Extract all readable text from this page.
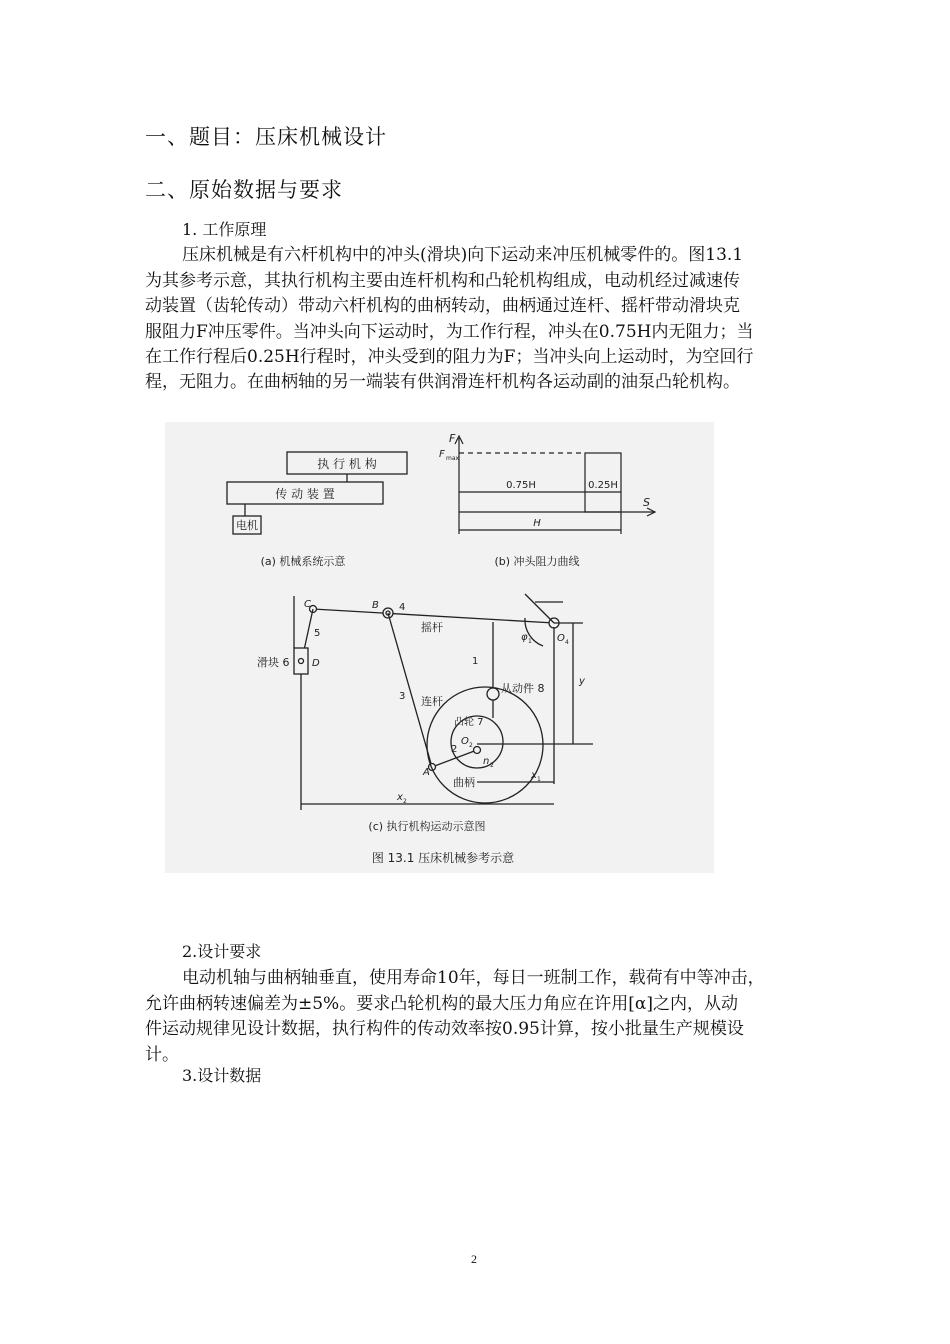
一、题目：压床机械设计
二、原始数据与要求
1. 工作原理
压床机械是有六杆机构中的冲头(滑块)向下运动来冲压机械零件的。图13.1
为其参考示意，其执行机构主要由连杆机构和凸轮机构组成，电动机经过减速传
动装置（齿轮传动）带动六杆机构的曲柄转动，曲柄通过连杆、摇杆带动滑块克
服阻力F冲压零件。当冲头向下运动时，为工作行程，冲头在0.75H内无阻力；当
在工作行程后0.25H行程时，冲头受到的阻力为F；当冲头向上运动时，为空回行
程，无阻力。在曲柄轴的另一端装有供润滑连杆机构各运动副的油泵凸轮机构。
执 行 机 构
传 动 装 置
电机
(a) 机械系统示意
F
F max
S
0.75H	0.25H
H
(b) 冲头阻力曲线
C	B 4
5	摇杆
滑块 6 D
3 连杆
从动件 8
1
凸轮 7
O 2
n 2
2
A
曲柄
φ 1	O 4
y
x 1
x 2
(c) 执行机构运动示意图
图 13.1 压床机械参考示意
2.设计要求
电动机轴与曲柄轴垂直，使用寿命10年，每日一班制工作，载荷有中等冲击，
允许曲柄转速偏差为±5%。要求凸轮机构的最大压力角应在许用[α]之内，从动
件运动规律见设计数据，执行构件的传动效率按0.95计算，按小批量生产规模设
计。
3.设计数据
2
